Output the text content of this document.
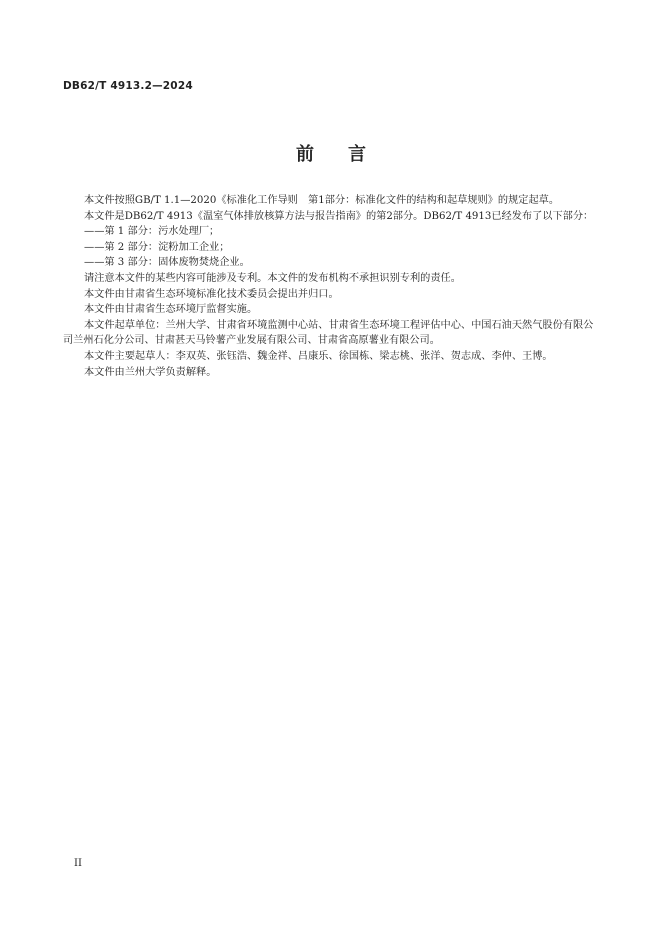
DB62/T 4913.2—2024
前言

本文件按照GB/T 1.1—2020《标准化工作导则　第1部分：标准化文件的结构和起草规则》的规定起草。

本文件是DB62/T 4913《温室气体排放核算方法与报告指南》的第2部分。DB62/T 4913已经发布了以下部分：

——第 1 部分：污水处理厂；

——第 2 部分：淀粉加工企业；

——第 3 部分：固体废物焚烧企业。

请注意本文件的某些内容可能涉及专利。本文件的发布机构不承担识别专利的责任。

本文件由甘肃省生态环境标准化技术委员会提出并归口。

本文件由甘肃省生态环境厅监督实施。

本文件起草单位：兰州大学、甘肃省环境监测中心站、甘肃省生态环境工程评估中心、中国石油天然气股份有限公司兰州石化分公司、甘肃甚天马铃薯产业发展有限公司、甘肃省高原薯业有限公司。

本文件主要起草人：李双英、张钰浩、魏金祥、吕康乐、徐国栋、梁志桃、张洋、贺志成、李仲、王博。

本文件由兰州大学负责解释。

II
